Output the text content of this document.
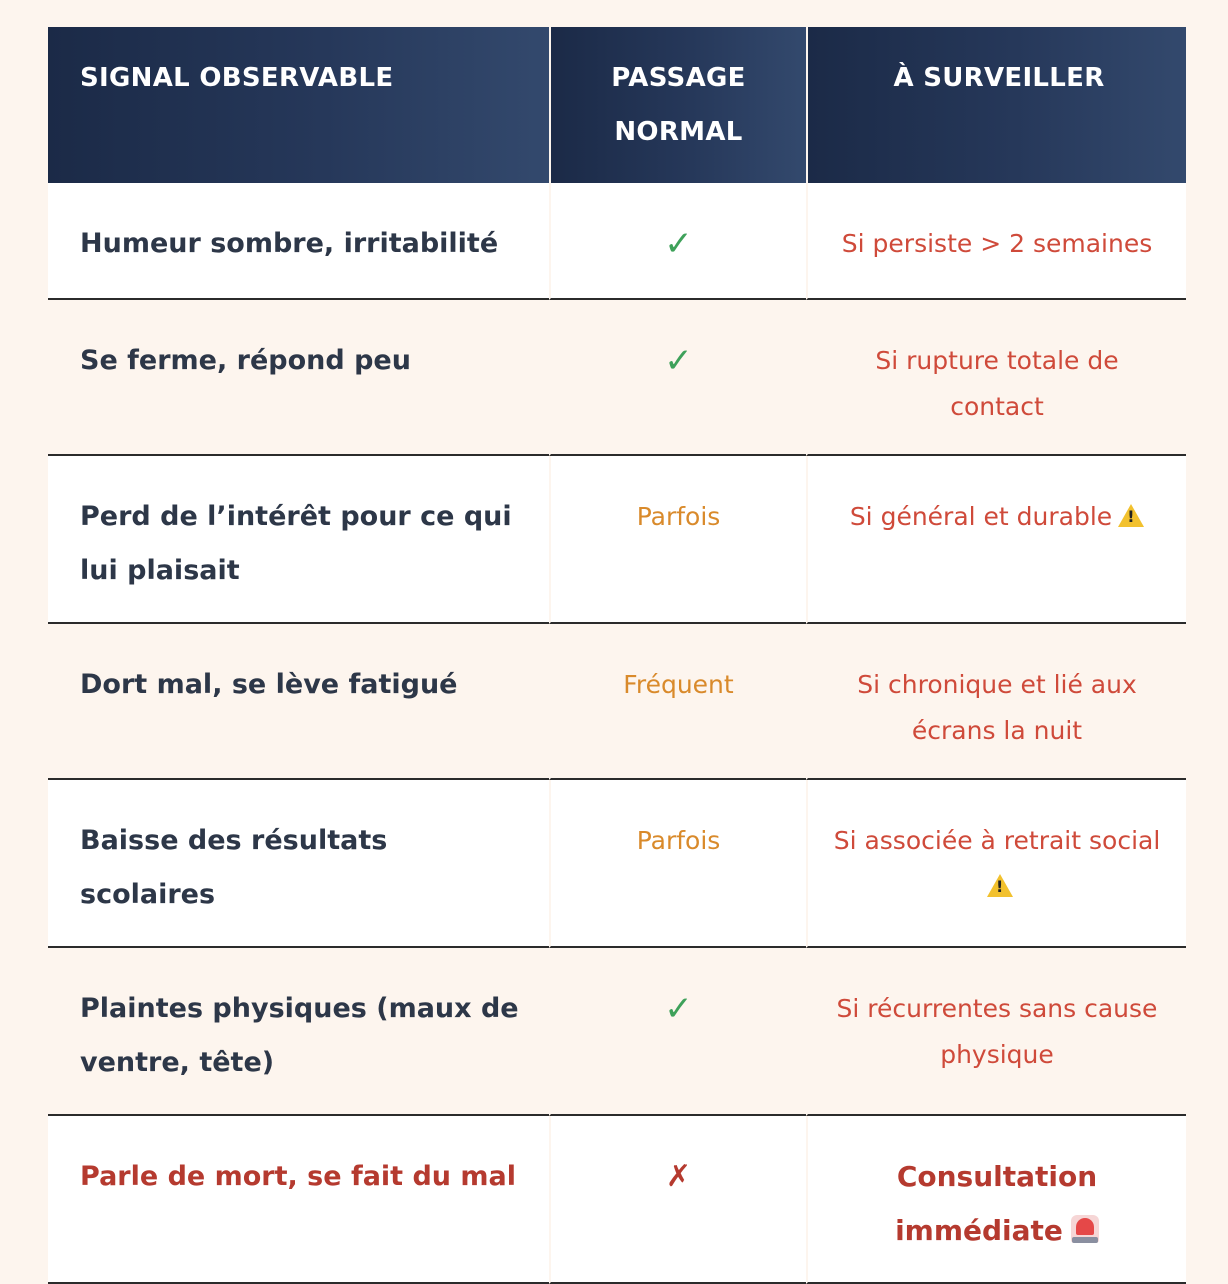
SIGNAL OBSERVABLE	PASSAGE NORMAL	À SURVEILLER
Humeur sombre, irritabilité	✓	Si persiste > 2 semaines
Se ferme, répond peu	✓	Si rupture totale de contact
Perd de l’intérêt pour ce qui lui plaisait	Parfois	Si général et durable!
Dort mal, se lève fatigué	Fréquent	Si chronique et lié aux écrans la nuit
Baisse des résultats scolaires	Parfois	Si associée à retrait social
!
Plaintes physiques (maux de ventre, tête)	✓	Si récurrentes sans cause physique
Parle de mort, se fait du mal	✗	Consultation immédiate
